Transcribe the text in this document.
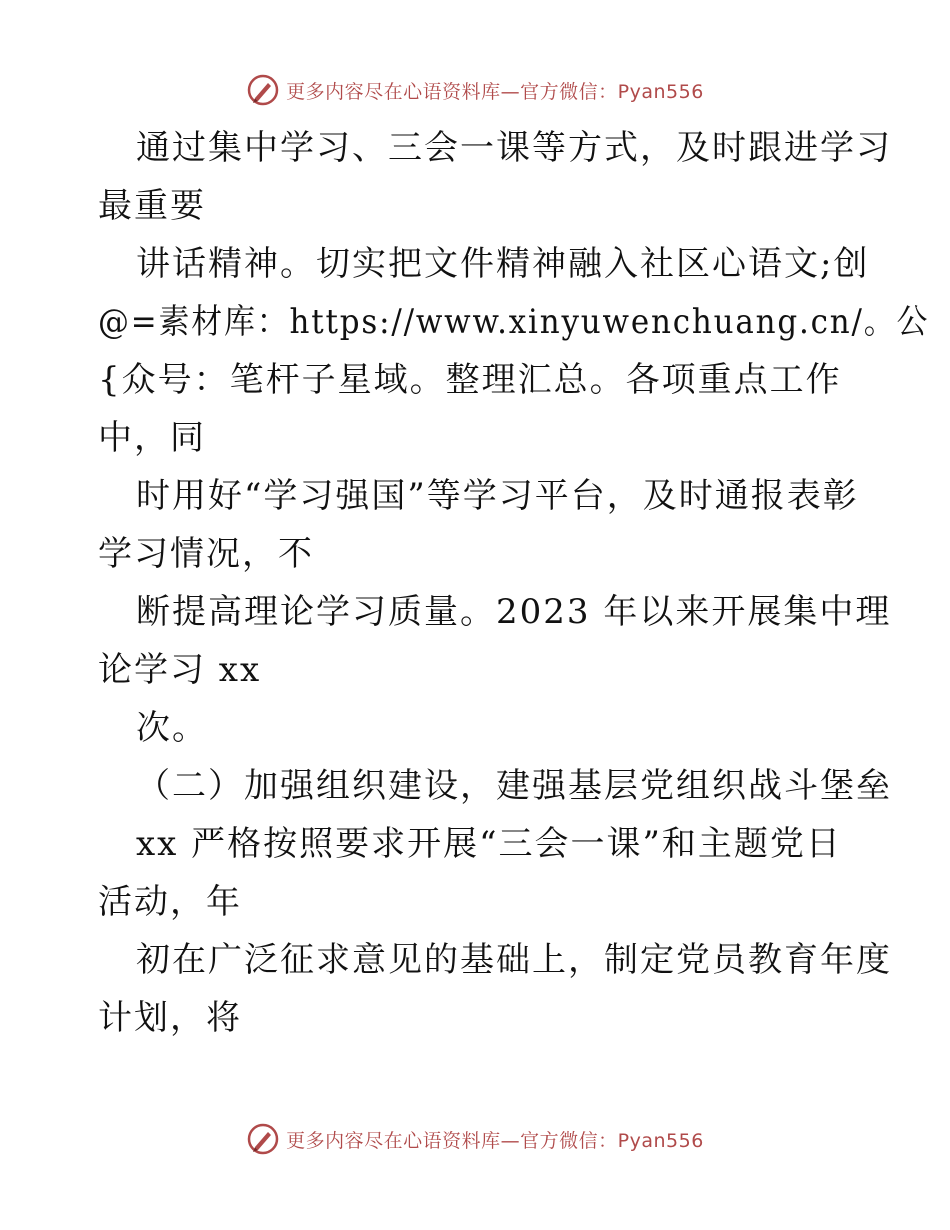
更多内容尽在心语资料库—官方微信：Pyan556
通过集中学习、三会一课等方式，及时跟进学习
最重要
讲话精神。切实把文件精神融入社区心语文;创
@=素材库：https://www.xinyuwenchuang.cn/。公
{众号：笔杆子星域。整理汇总。各项重点工作
中，同
时用好“学习强国”等学习平台，及时通报表彰
学习情况，不
断提高理论学习质量。2023 年以来开展集中理
论学习 xx
次。
（二）加强组织建设，建强基层党组织战斗堡垒
xx 严格按照要求开展“三会一课”和主题党日
活动，年
初在广泛征求意见的基础上，制定党员教育年度
计划，将
更多内容尽在心语资料库—官方微信：Pyan556
